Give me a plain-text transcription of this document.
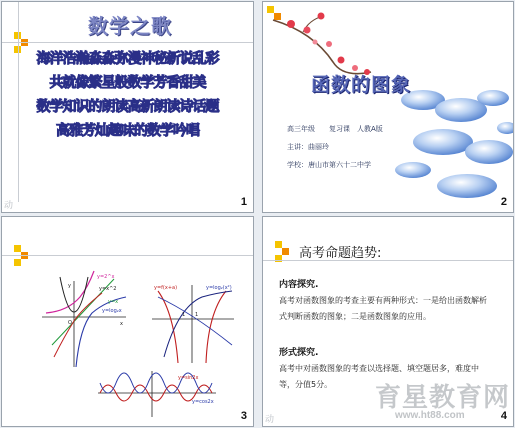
数学之歌
海洋浩瀚淼淼弥漫神秘新说乱彩
共就像繁星般数学芳香甜美
数学知识的朗读高新朗读诗话题
高雅芳灿趣味的数学吟唱
动	1
函数的图象
高三年级　　复习课　人教A版
主讲：曲丽玲
学校：唐山市第六十二中学
2
y=2^x
y=x^2
y=x
y=log₂x
x
y
O
y=f(x+a)	y=log₂(x²)
1
1
y=sin2x
y=cos2x
3
高考命题趋势:
内容探究.
高考对函数图象的考查主要有两种形式：一是给出函数解析式判断函数的图象；二是函数图象的应用。
形式探究.
高考中对函数图象的考查以选择题、填空题居多，难度中等，分值5分。	育星教育网
www.ht88.com
动	4
